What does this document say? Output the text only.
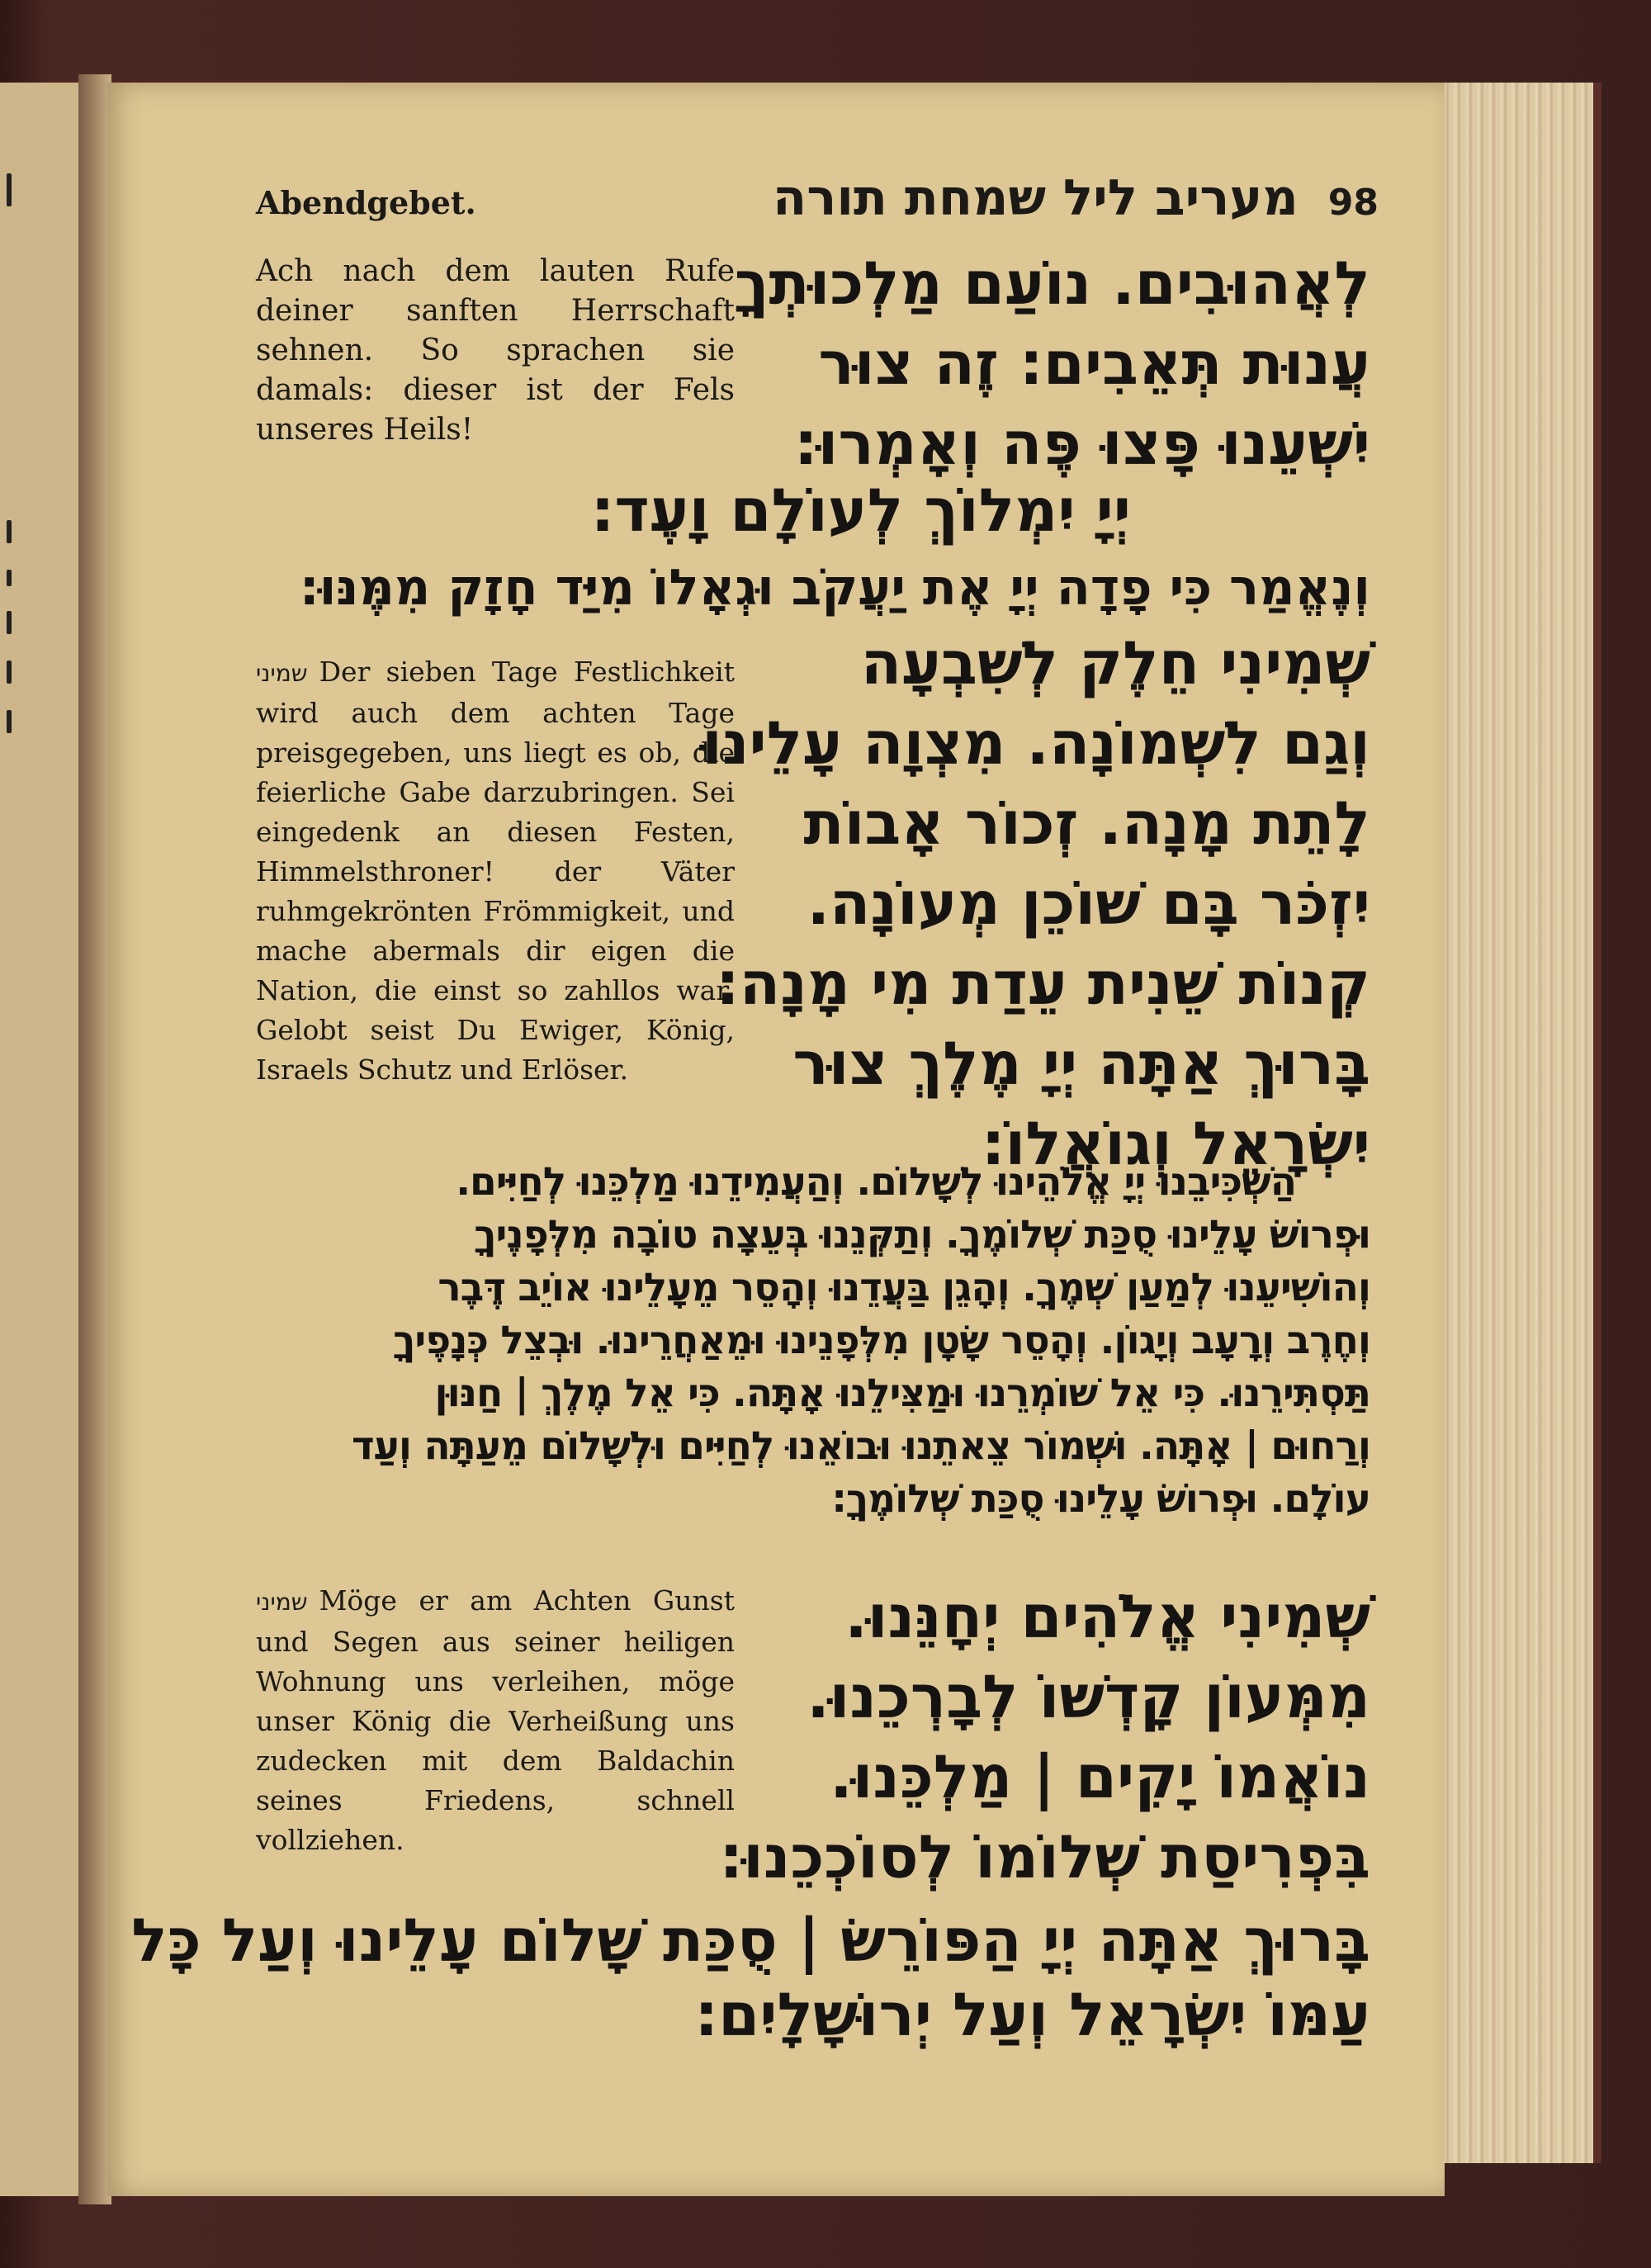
Abendgebet.	98מעריב ליל שמחת תורה
Ach nach dem lauten Rufe deiner sanften Herrschaft sehnen. So sprachen sie damals: dieser ist der Fels unseres Heils!
לְאֲהוּבִים. נוֹעַם מַלְכוּתְךָ
עֲנוּת תְּאֵבִים: זֶה צוּר
יִשְׁעֵנוּ פָּצוּ פֶּה וְאָמְרוּ:
יְיָ יִמְלוֹךְ לְעוֹלָם וָעֶד:
וְנֶאֱמַר כִּי פָדָה יְיָ אֶת יַעֲקֹב וּגְאָלוֹ מִיַּד חָזָק מִמֶּנּוּ:
שמיני Der sieben Tage Festlichkeit wird auch dem achten Tage preisgegeben, uns liegt es ob, die feierliche Gabe darzubringen. Sei eingedenk an diesen Festen, Himmelsthroner! der Väter ruhmgekrönten Frömmigkeit, und mache abermals dir eigen die Nation, die einst so zahllos war. Gelobt seist Du Ewiger, König, Israels Schutz und Erlöser.
שְׁמִינִי חֵלֶק לְשִׁבְעָה
וְגַם לִשְׁמוֹנָה. מִצְוָה עָלֵינוּ
לָתֵת מָנָה. זְכוֹר אָבוֹת
יִזְכֹּר בָּם שׁוֹכֵן מְעוֹנָה.
קְנוֹת שֵׁנִית עֵדַת מִי מָנָה:
בָּרוּךְ אַתָּה יְיָ מֶלֶךְ צוּר
יִשְׂרָאֵל וְגוֹאֲלוֹ:
הַשְׁכִּיבֵנוּ יְיָ אֱלֹהֵינוּ לְשָׁלוֹם. וְהַעֲמִידֵנוּ מַלְכֵּנוּ לְחַיִּים.
וּפְרוֹשׂ עָלֵינוּ סֻכַּת שְׁלוֹמֶךָ. וְתַקְּנֵנוּ בְּעֵצָה טוֹבָה מִלְּפָנֶיךָ
וְהוֹשִׁיעֵנוּ לְמַעַן שְׁמֶךָ. וְהָגֵן בַּעֲדֵנוּ וְהָסֵר מֵעָלֵינוּ אוֹיֵב דֶּבֶר
וְחֶרֶב וְרָעָב וְיָגוֹן. וְהָסֵר שָׂטָן מִלְּפָנֵינוּ וּמֵאַחֲרֵינוּ. וּבְצֵל כְּנָפֶיךָ
תַּסְתִּירֵנוּ. כִּי אֵל שׁוֹמְרֵנוּ וּמַצִּילֵנוּ אָתָּה. כִּי אֵל מֶלֶךְ | חַנּוּן
וְרַחוּם | אָתָּה. וּשְׁמוֹר צֵאתֵנוּ וּבוֹאֵנוּ לְחַיִּים וּלְשָׁלוֹם מֵעַתָּה וְעַד
עוֹלָם. וּפְרוֹשׂ עָלֵינוּ סֻכַּת שְׁלוֹמֶךָ:
שמיני Möge er am Achten Gunst und Segen aus seiner heiligen Wohnung uns verleihen, möge unser König die Verheißung uns zudecken mit dem Baldachin seines Friedens, schnell vollziehen.
שְׁמִינִי אֱלֹהִים יְחָנֵּנוּ.
מִמְּעוֹן קָדְשׁוֹ לְבָרְכֵנוּ.
נוֹאֲמוֹ יָקִים | מַלְכֵּנוּ.
בִּפְרִיסַת שְׁלוֹמוֹ לְסוֹכְכֵנוּ:
בָּרוּךְ אַתָּה יְיָ הַפּוֹרֵשׂ | סֻכַּת שָׁלוֹם עָלֵינוּ וְעַל כָּל
עַמּוֹ יִשְׂרָאֵל וְעַל יְרוּשָׁלָיִם:
